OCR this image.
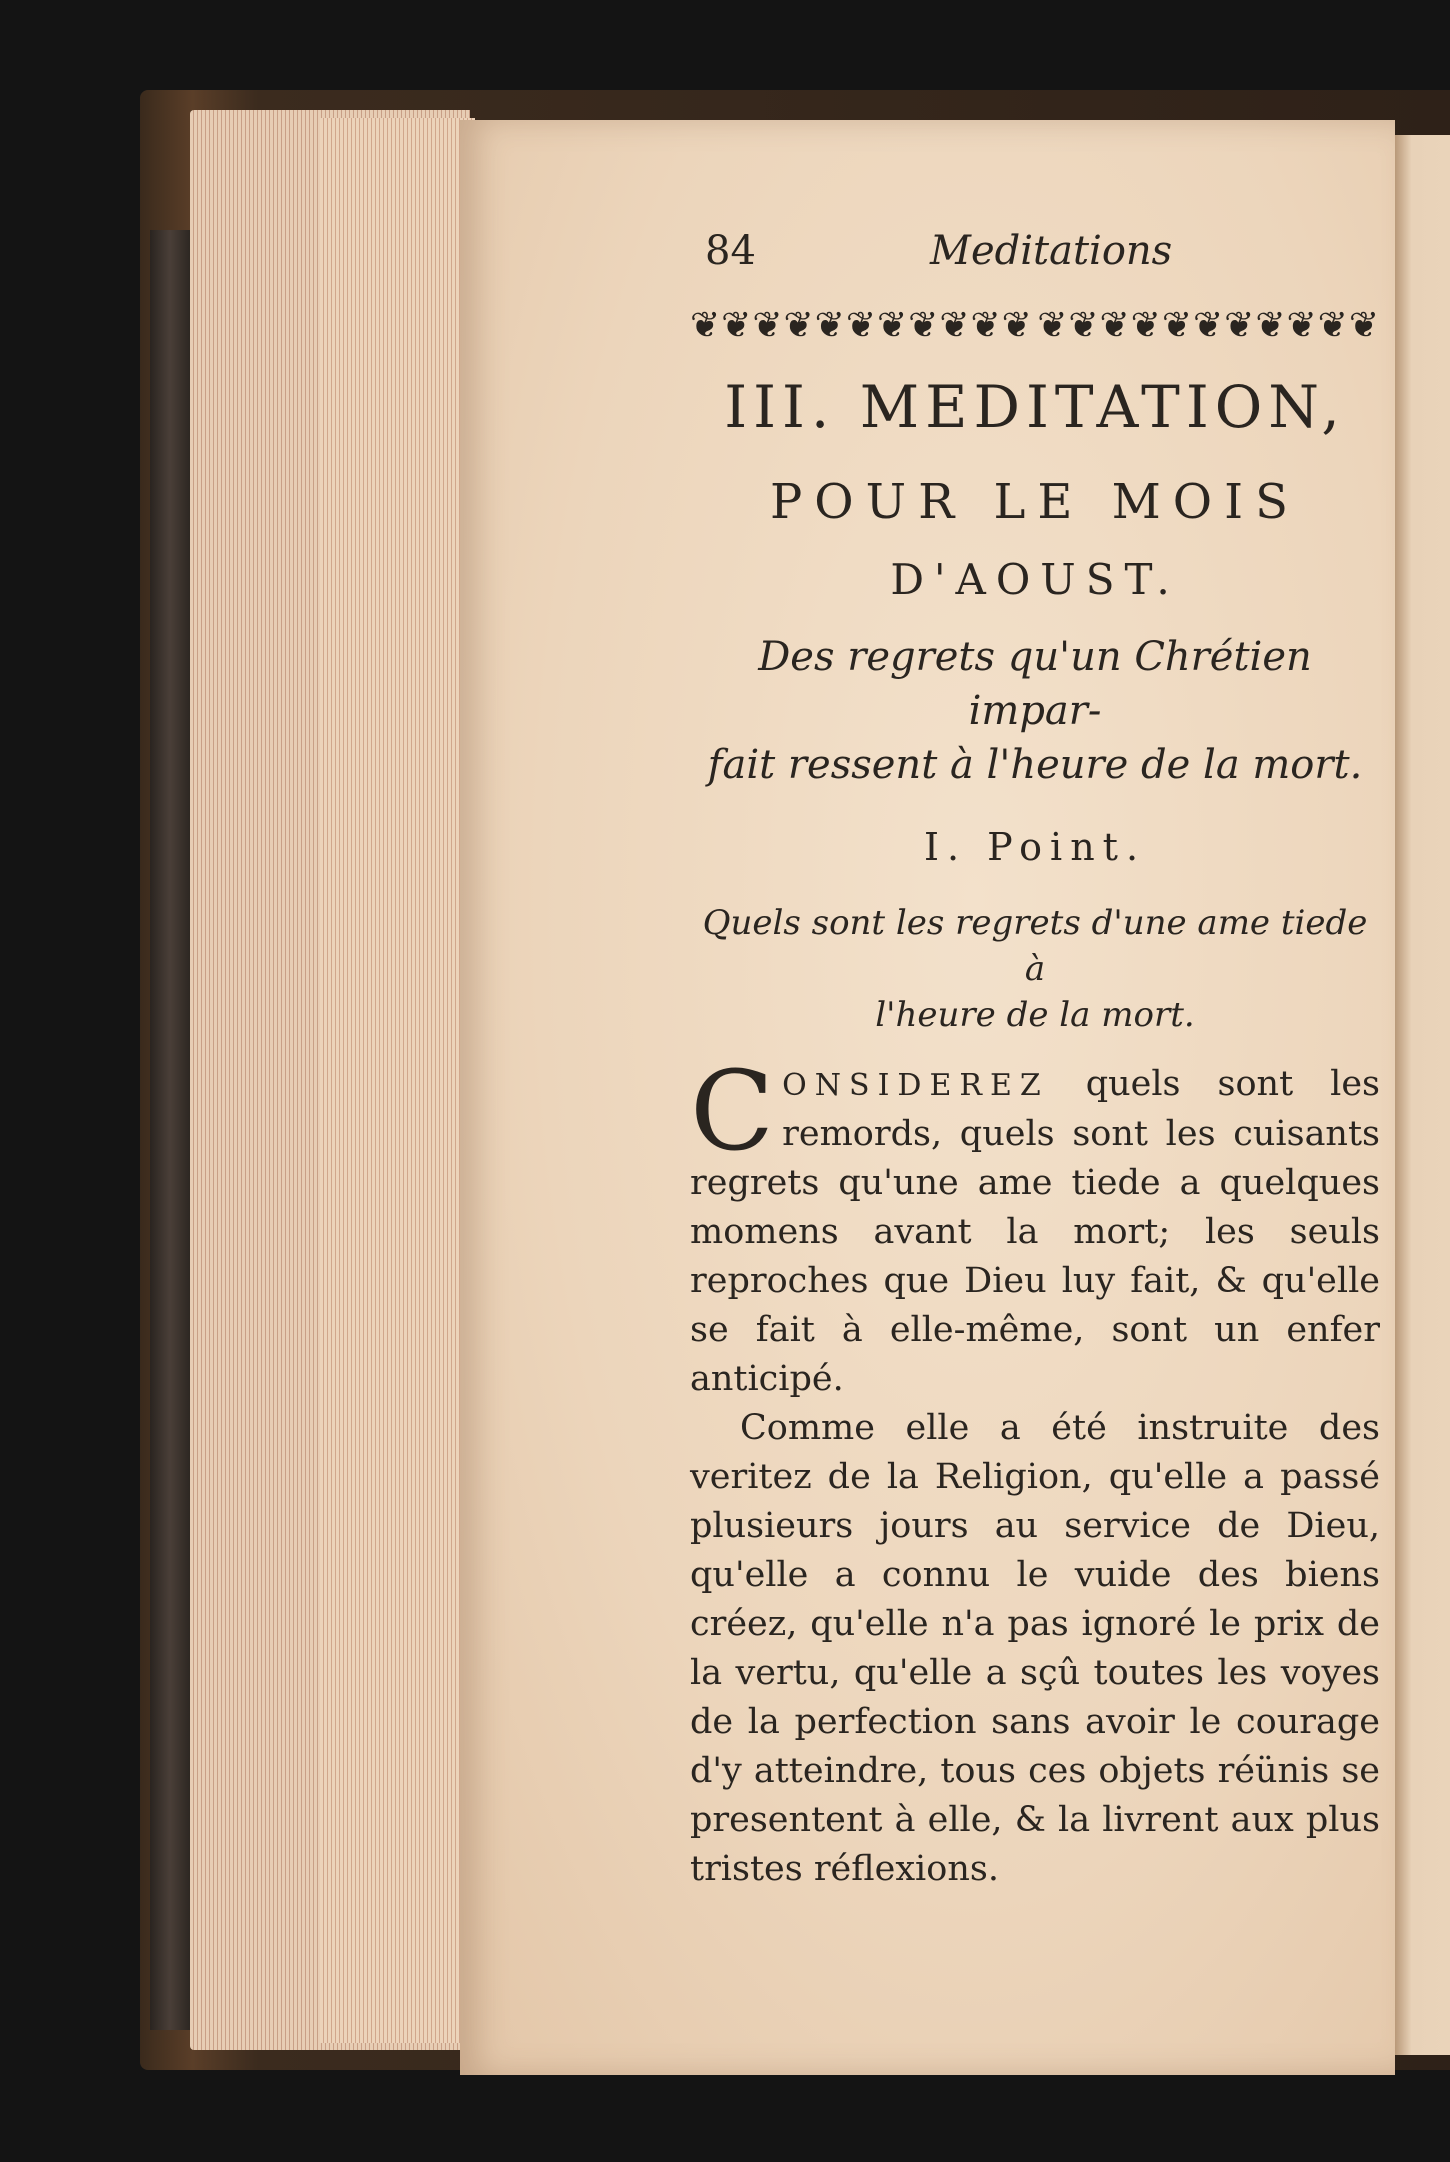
84	Meditations
❦❦❦❦❦❦❦❦❦❦❦ ❦❦❦❦❦❦❦❦❦❦❦
III. MEDITATION,
POUR LE MOIS
D'AOUST.
Des regrets qu'un Chrétien impar-
fait ressent à l'heure de la mort.
I. Point.
Quels sont les regrets d'une ame tiede à
l'heure de la mort.

CONSIDEREZ quels sont les remords, quels sont les cuisants regrets qu'une ame tiede a quelques momens avant la mort; les seuls reproches que Dieu luy fait, & qu'elle se fait à elle-même, sont un enfer anticipé.

Comme elle a été instruite des veritez de la Religion, qu'elle a passé plusieurs jours au service de Dieu, qu'elle a connu le vuide des biens créez, qu'elle n'a pas ignoré le prix de la vertu, qu'elle a sçû toutes les voyes de la perfection sans avoir le courage d'y atteindre, tous ces objets réünis se presentent à elle, & la livrent aux plus tristes réflexions.
